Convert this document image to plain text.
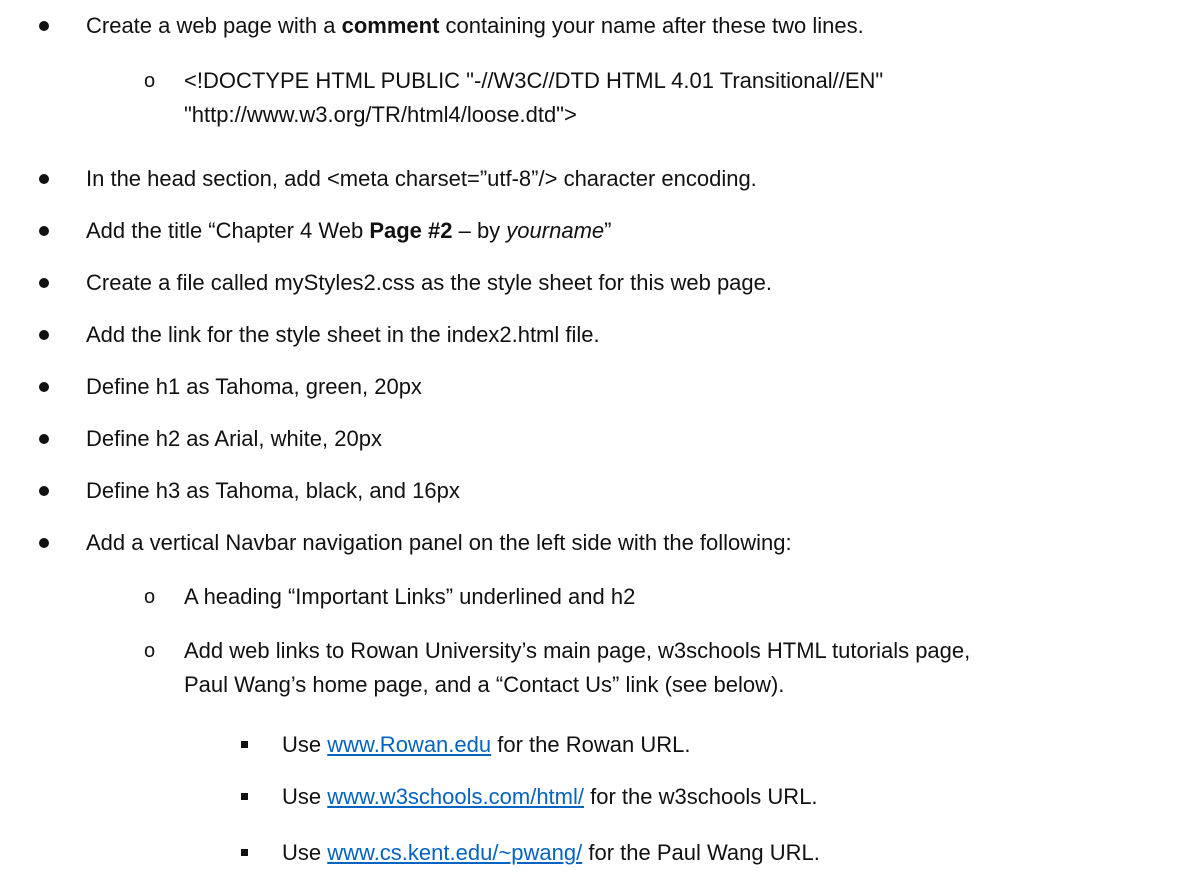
Create a web page with a comment containing your name after these two lines.
o <!DOCTYPE HTML PUBLIC "-//W3C//DTD HTML 4.01 Transitional//EN"
"http://www.w3.org/TR/html4/loose.dtd">
In the head section, add <meta charset=”utf-8”/> character encoding.
Add the title “Chapter 4 Web Page #2 – by yourname”
Create a file called myStyles2.css as the style sheet for this web page.
Add the link for the style sheet in the index2.html file.
Define h1 as Tahoma, green, 20px
Define h2 as Arial, white, 20px
Define h3 as Tahoma, black, and 16px
Add a vertical Navbar navigation panel on the left side with the following:
o A heading “Important Links” underlined and h2
o Add web links to Rowan University’s main page, w3schools HTML tutorials page,
Paul Wang’s home page, and a “Contact Us” link (see below).
Use www.Rowan.edu for the Rowan URL.
Use www.w3schools.com/html/ for the w3schools URL.
Use www.cs.kent.edu/~pwang/ for the Paul Wang URL.
